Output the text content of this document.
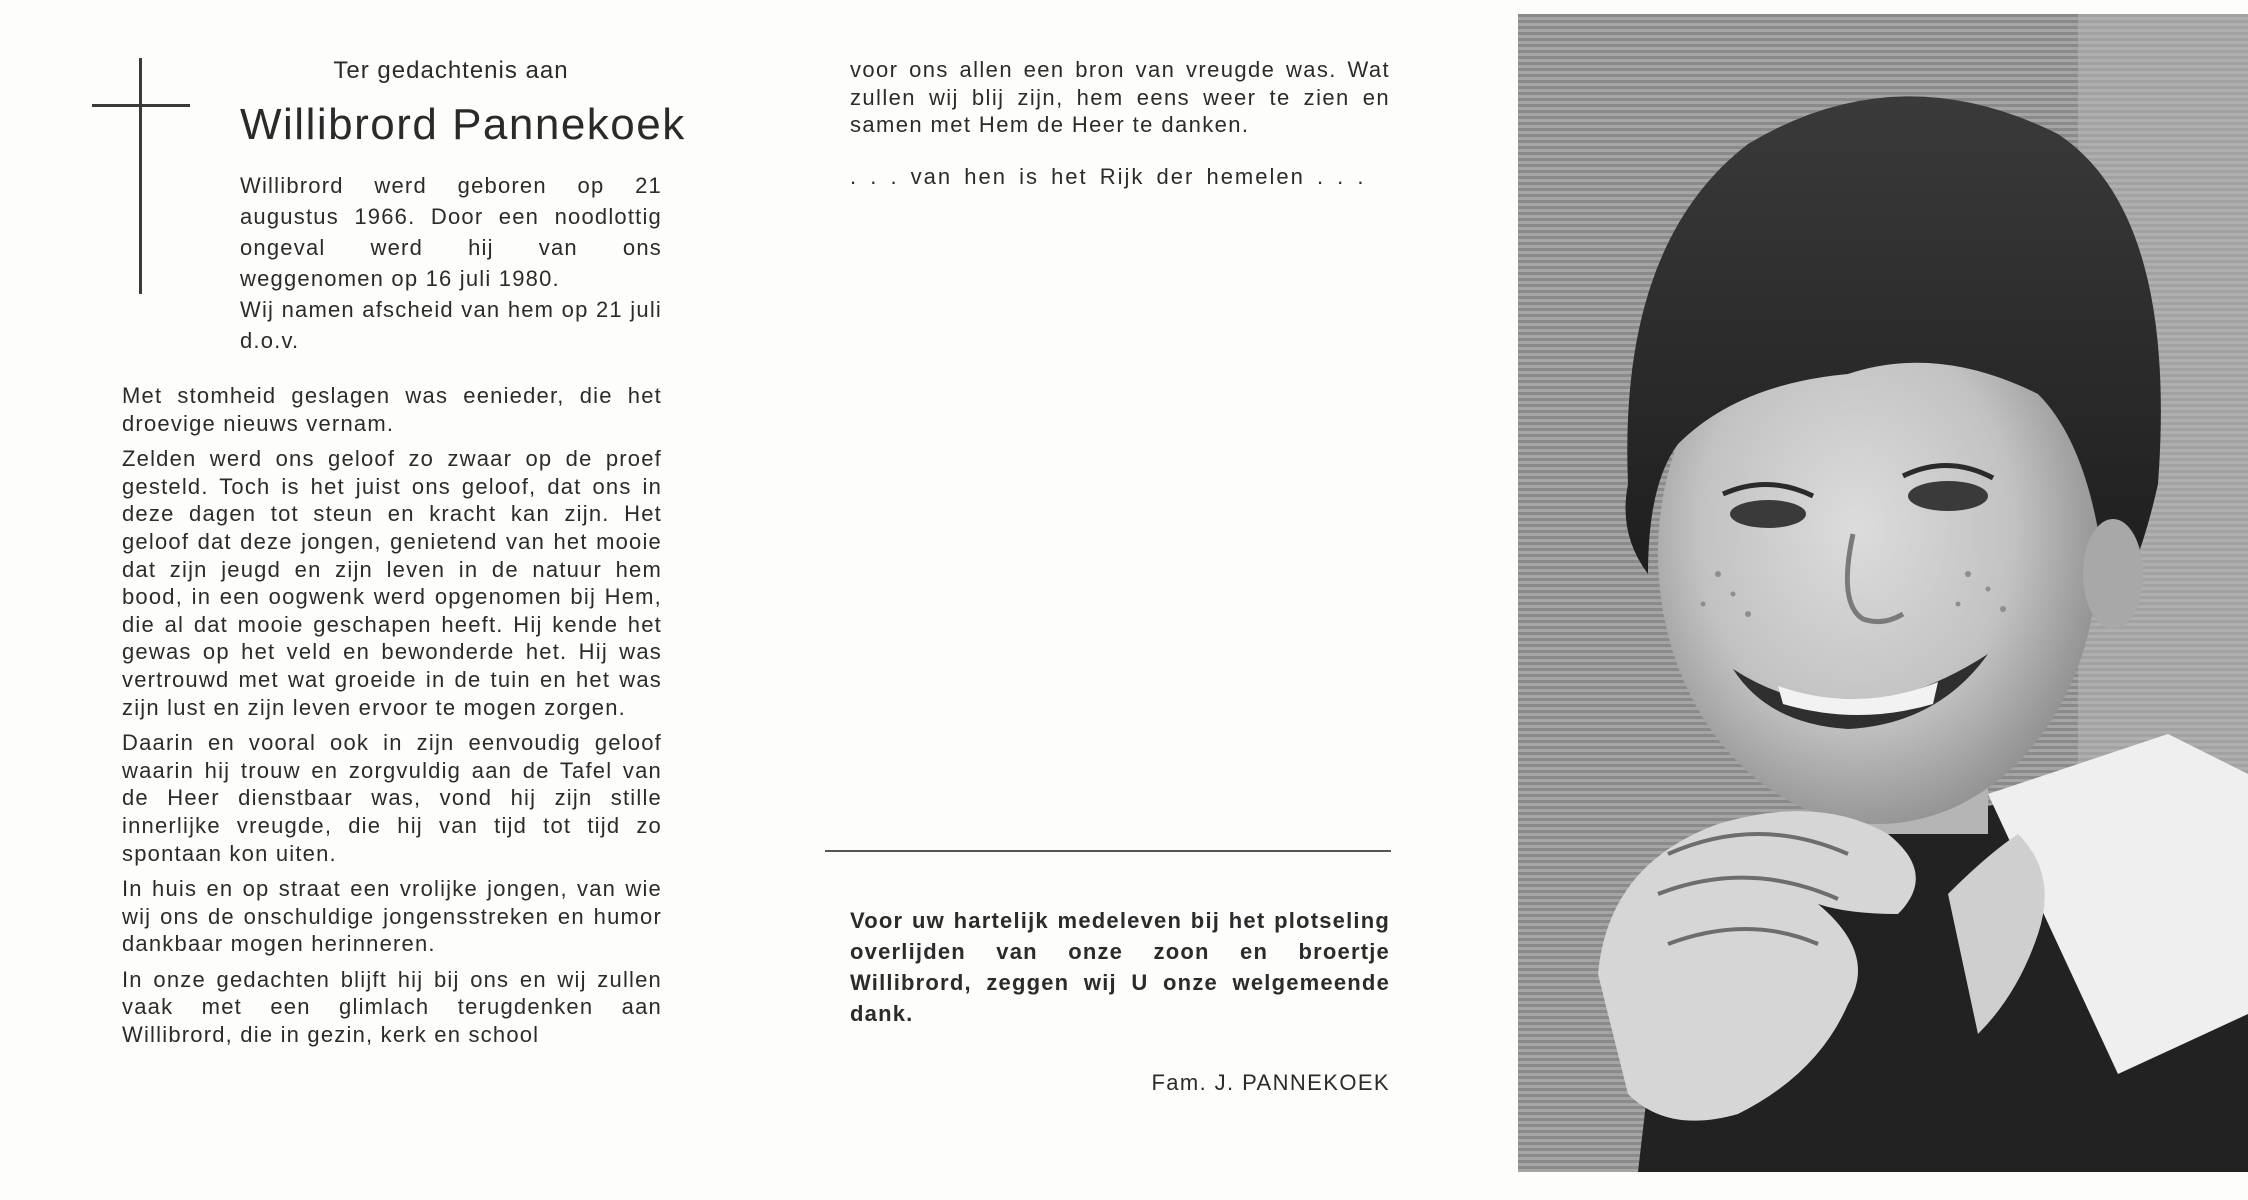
Ter gedachtenis aan
Willibrord Pannekoek

Willibrord werd geboren op 21 augustus 1966. Door een noodlottig ongeval werd hij van ons weggenomen op 16 juli 1980.

Wij namen afscheid van hem op 21 juli d.o.v.

Met stomheid geslagen was eenieder, die het droevige nieuws vernam.

Zelden werd ons geloof zo zwaar op de proef gesteld. Toch is het juist ons geloof, dat ons in deze dagen tot steun en kracht kan zijn. Het geloof dat deze jongen, genietend van het mooie dat zijn jeugd en zijn leven in de natuur hem bood, in een oogwenk werd opgenomen bij Hem, die al dat mooie geschapen heeft. Hij kende het gewas op het veld en bewonderde het. Hij was vertrouwd met wat groeide in de tuin en het was zijn lust en zijn leven ervoor te mogen zorgen.

Daarin en vooral ook in zijn eenvoudig geloof waarin hij trouw en zorgvuldig aan de Tafel van de Heer dienstbaar was, vond hij zijn stille innerlijke vreugde, die hij van tijd tot tijd zo spontaan kon uiten.

In huis en op straat een vrolijke jongen, van wie wij ons de onschuldige jongensstreken en humor dankbaar mogen herinneren.

In onze gedachten blijft hij bij ons en wij zullen vaak met een glimlach terugdenken aan Willibrord, die in gezin, kerk en school

voor ons allen een bron van vreugde was. Wat zullen wij blij zijn, hem eens weer te zien en samen met Hem de Heer te danken.

. . . van hen is het Rijk der hemelen . . .

Voor uw hartelijk medeleven bij het plotseling overlijden van onze zoon en broertje Willibrord, zeggen wij U onze welgemeende dank.

Fam. J. PANNEKOEK
